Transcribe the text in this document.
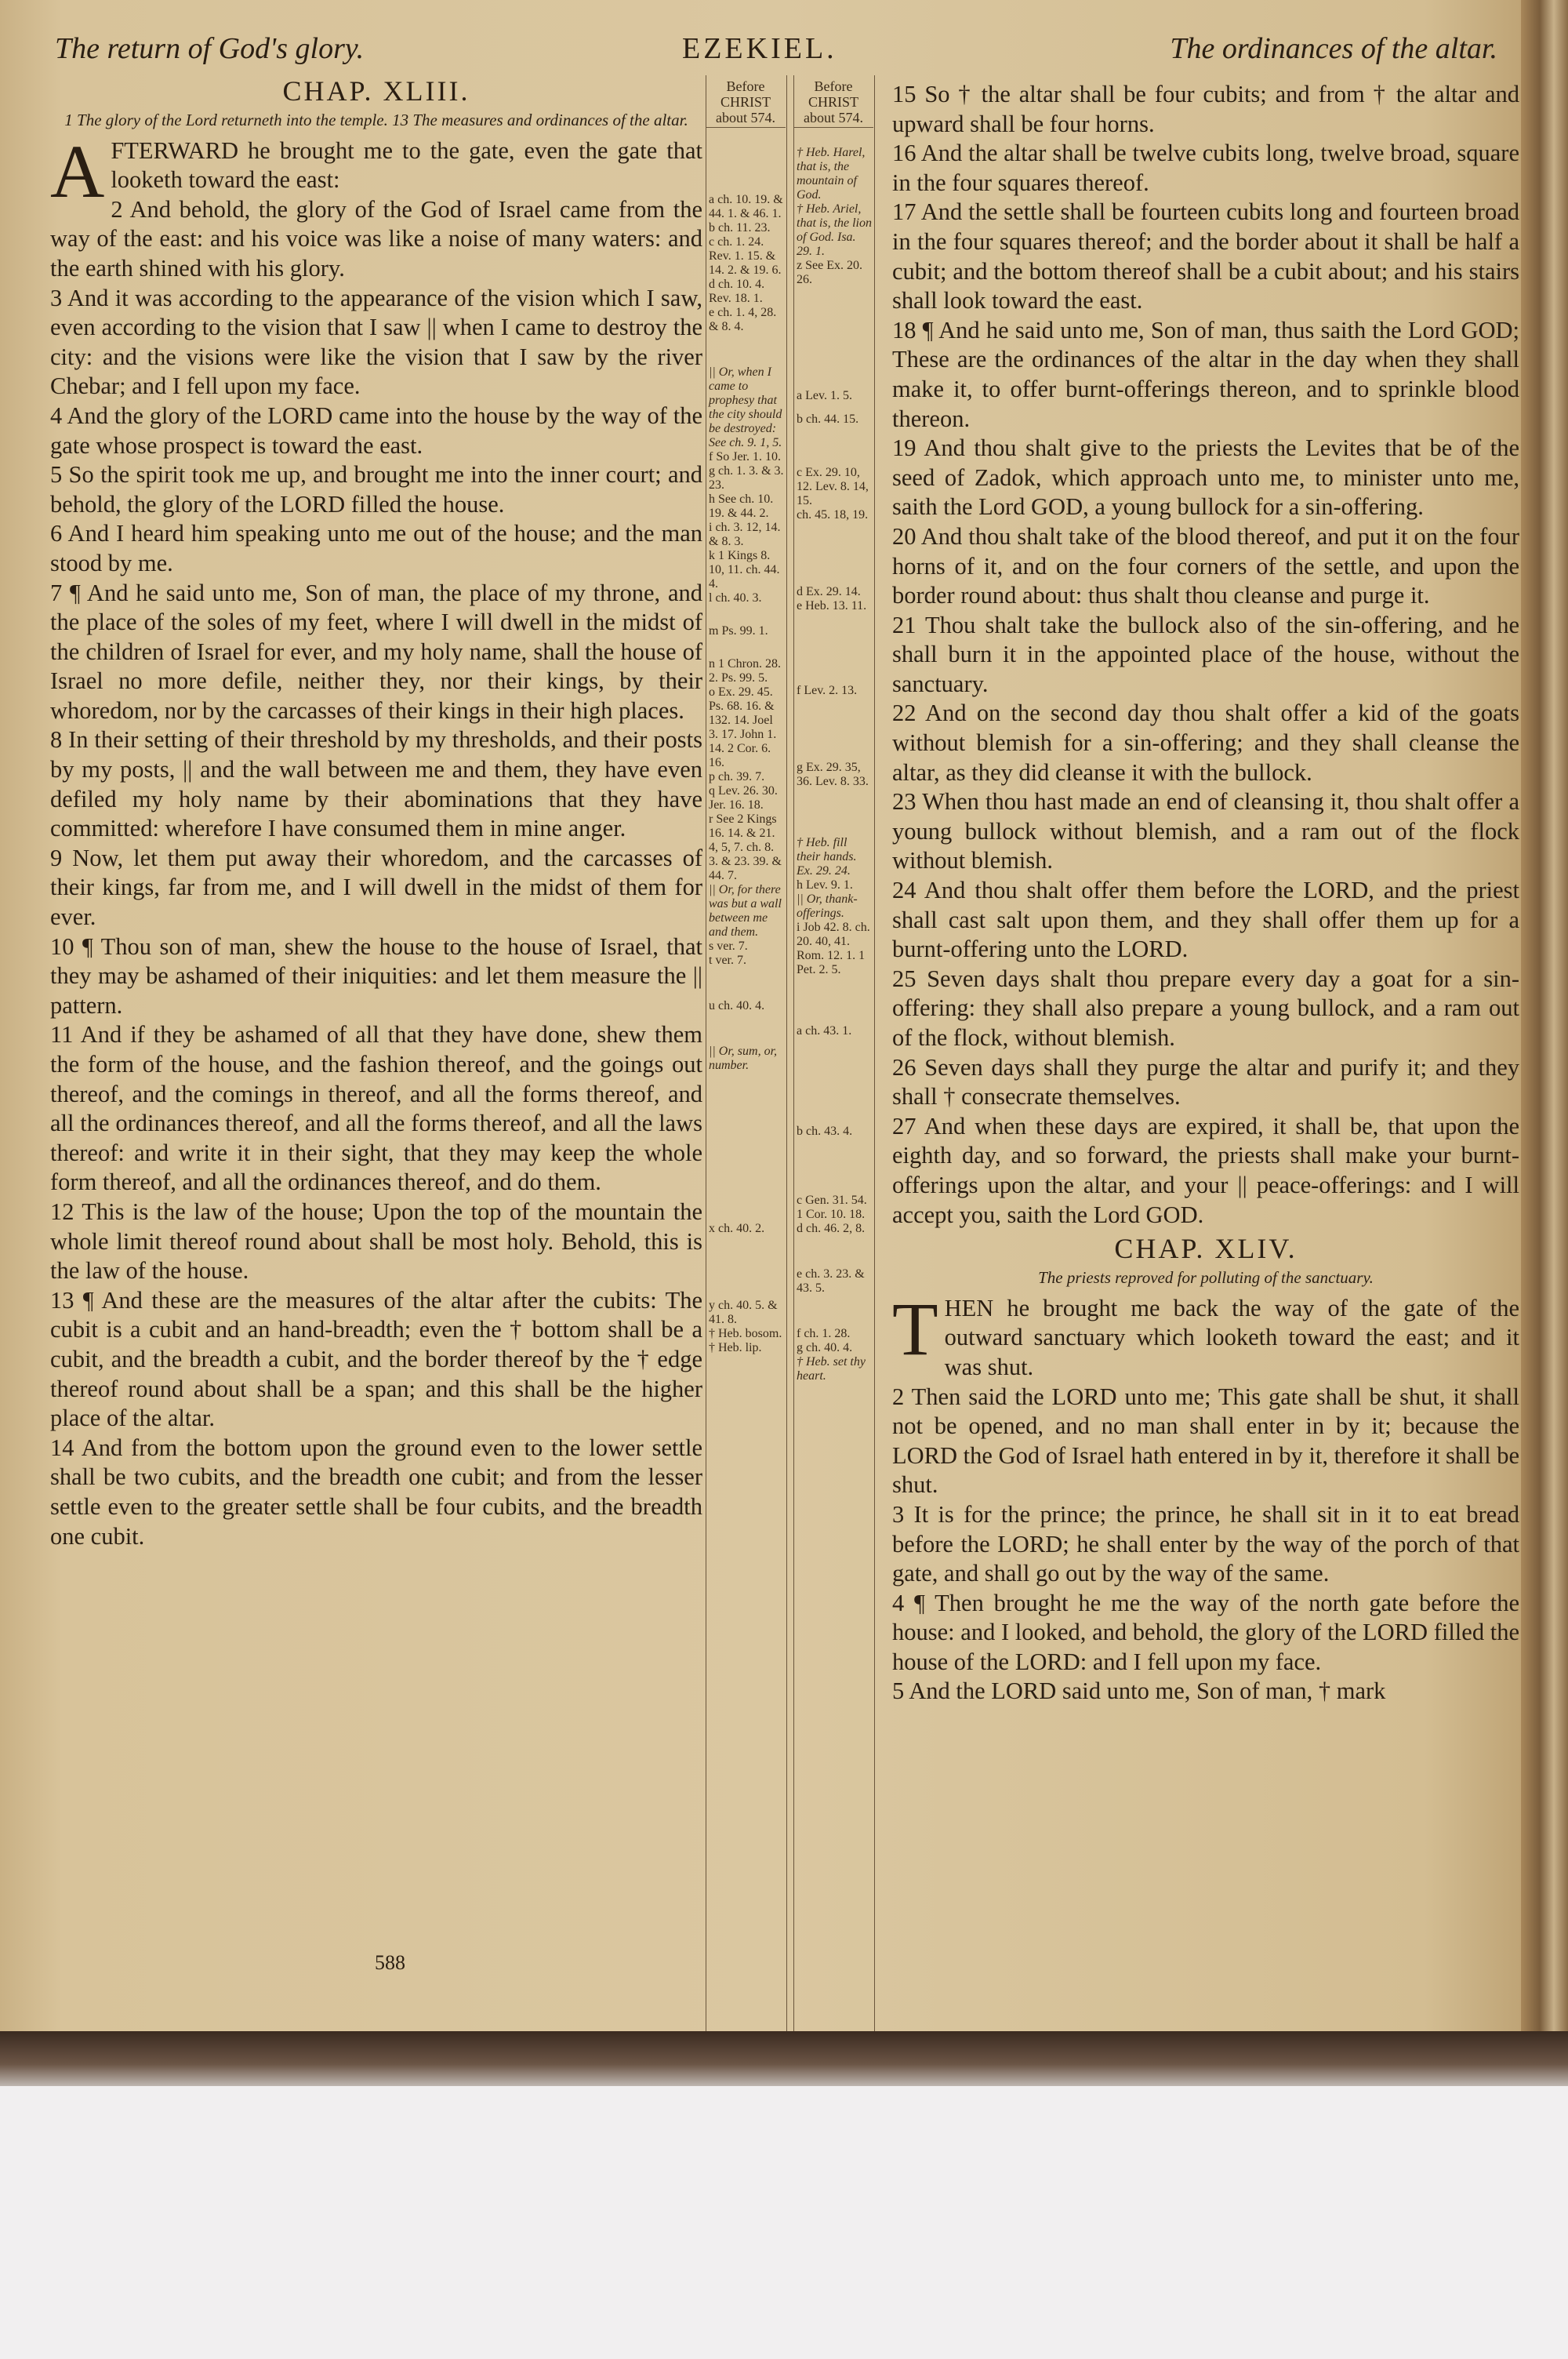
The return of God's glory.	EZEKIEL.	The ordinances of the altar.
CHAP. XLIII.
1 The glory of the Lord returneth into the temple. 13 The measures and ordinances of the altar.

AFTERWARD he brought me to the gate, even the gate that looketh toward the east:

2 And behold, the glory of the God of Israel came from the way of the east: and his voice was like a noise of many waters: and the earth shined with his glory.

3 And it was according to the appearance of the vision which I saw, even according to the vision that I saw || when I came to destroy the city: and the visions were like the vision that I saw by the river Chebar; and I fell upon my face.

4 And the glory of the LORD came into the house by the way of the gate whose prospect is toward the east.

5 So the spirit took me up, and brought me into the inner court; and behold, the glory of the LORD filled the house.

6 And I heard him speaking unto me out of the house; and the man stood by me.

7 ¶ And he said unto me, Son of man, the place of my throne, and the place of the soles of my feet, where I will dwell in the midst of the children of Israel for ever, and my holy name, shall the house of Israel no more defile, neither they, nor their kings, by their whoredom, nor by the carcasses of their kings in their high places.

8 In their setting of their threshold by my thresholds, and their posts by my posts, || and the wall between me and them, they have even defiled my holy name by their abominations that they have committed: wherefore I have consumed them in mine anger.

9 Now, let them put away their whoredom, and the carcasses of their kings, far from me, and I will dwell in the midst of them for ever.

10 ¶ Thou son of man, shew the house to the house of Israel, that they may be ashamed of their iniquities: and let them measure the || pattern.

11 And if they be ashamed of all that they have done, shew them the form of the house, and the fashion thereof, and the goings out thereof, and the comings in thereof, and all the forms thereof, and all the ordinances thereof, and all the forms thereof, and all the laws thereof: and write it in their sight, that they may keep the whole form thereof, and all the ordinances thereof, and do them.

12 This is the law of the house; Upon the top of the mountain the whole limit thereof round about shall be most holy. Behold, this is the law of the house.

13 ¶ And these are the measures of the altar after the cubits: The cubit is a cubit and an hand-breadth; even the † bottom shall be a cubit, and the breadth a cubit, and the border thereof by the † edge thereof round about shall be a span; and this shall be the higher place of the altar.

14 And from the bottom upon the ground even to the lower settle shall be two cubits, and the breadth one cubit; and from the lesser settle even to the greater settle shall be four cubits, and the breadth one cubit.

Before CHRIST about 574.
Before CHRIST about 574.
a ch. 10. 19. & 44. 1. & 46. 1.
b ch. 11. 23.
c ch. 1. 24. Rev. 1. 15. & 14. 2. & 19. 6.
d ch. 10. 4. Rev. 18. 1.
e ch. 1. 4, 28. & 8. 4.
|| Or, when I came to prophesy that the city should be destroyed: See ch. 9. 1, 5.
f So Jer. 1. 10.
g ch. 1. 3. & 3. 23.
h See ch. 10. 19. & 44. 2.
i ch. 3. 12, 14. & 8. 3.
k 1 Kings 8. 10, 11. ch. 44. 4.
l ch. 40. 3.
m Ps. 99. 1.
n 1 Chron. 28. 2. Ps. 99. 5.
o Ex. 29. 45. Ps. 68. 16. & 132. 14. Joel 3. 17. John 1. 14. 2 Cor. 6. 16.
p ch. 39. 7.
q Lev. 26. 30. Jer. 16. 18.
r See 2 Kings 16. 14. & 21. 4, 5, 7. ch. 8. 3. & 23. 39. & 44. 7.
|| Or, for there was but a wall between me and them.
s ver. 7.
t ver. 7.
u ch. 40. 4.
|| Or, sum, or, number.
x ch. 40. 2.
y ch. 40. 5. & 41. 8.
† Heb. bosom.
† Heb. lip.
† Heb. Harel, that is, the mountain of God.
† Heb. Ariel, that is, the lion of God. Isa. 29. 1.
z See Ex. 20. 26.
a Lev. 1. 5.
b ch. 44. 15.
c Ex. 29. 10, 12. Lev. 8. 14, 15.
ch. 45. 18, 19.
d Ex. 29. 14.
e Heb. 13. 11.
f Lev. 2. 13.
g Ex. 29. 35, 36. Lev. 8. 33.
† Heb. fill their hands. Ex. 29. 24.
h Lev. 9. 1.
|| Or, thank-offerings.
i Job 42. 8. ch. 20. 40, 41. Rom. 12. 1. 1 Pet. 2. 5.
a ch. 43. 1.
b ch. 43. 4.
c Gen. 31. 54. 1 Cor. 10. 18.
d ch. 46. 2, 8.
e ch. 3. 23. & 43. 5.
f ch. 1. 28.
g ch. 40. 4.
† Heb. set thy heart.

15 So † the altar shall be four cubits; and from † the altar and upward shall be four horns.

16 And the altar shall be twelve cubits long, twelve broad, square in the four squares thereof.

17 And the settle shall be fourteen cubits long and fourteen broad in the four squares thereof; and the border about it shall be half a cubit; and the bottom thereof shall be a cubit about; and his stairs shall look toward the east.

18 ¶ And he said unto me, Son of man, thus saith the Lord GOD; These are the ordinances of the altar in the day when they shall make it, to offer burnt-offerings thereon, and to sprinkle blood thereon.

19 And thou shalt give to the priests the Levites that be of the seed of Zadok, which approach unto me, to minister unto me, saith the Lord GOD, a young bullock for a sin-offering.

20 And thou shalt take of the blood thereof, and put it on the four horns of it, and on the four corners of the settle, and upon the border round about: thus shalt thou cleanse and purge it.

21 Thou shalt take the bullock also of the sin-offering, and he shall burn it in the appointed place of the house, without the sanctuary.

22 And on the second day thou shalt offer a kid of the goats without blemish for a sin-offering; and they shall cleanse the altar, as they did cleanse it with the bullock.

23 When thou hast made an end of cleansing it, thou shalt offer a young bullock without blemish, and a ram out of the flock without blemish.

24 And thou shalt offer them before the LORD, and the priest shall cast salt upon them, and they shall offer them up for a burnt-offering unto the LORD.

25 Seven days shalt thou prepare every day a goat for a sin-offering: they shall also prepare a young bullock, and a ram out of the flock, without blemish.

26 Seven days shall they purge the altar and purify it; and they shall † consecrate themselves.

27 And when these days are expired, it shall be, that upon the eighth day, and so forward, the priests shall make your burnt-offerings upon the altar, and your || peace-offerings: and I will accept you, saith the Lord GOD.

CHAP. XLIV.
The priests reproved for polluting of the sanctuary.

THEN he brought me back the way of the gate of the outward sanctuary which looketh toward the east; and it was shut.

2 Then said the LORD unto me; This gate shall be shut, it shall not be opened, and no man shall enter in by it; because the LORD the God of Israel hath entered in by it, therefore it shall be shut.

3 It is for the prince; the prince, he shall sit in it to eat bread before the LORD; he shall enter by the way of the porch of that gate, and shall go out by the way of the same.

4 ¶ Then brought he me the way of the north gate before the house: and I looked, and behold, the glory of the LORD filled the house of the LORD: and I fell upon my face.

5 And the LORD said unto me, Son of man, † mark

588
